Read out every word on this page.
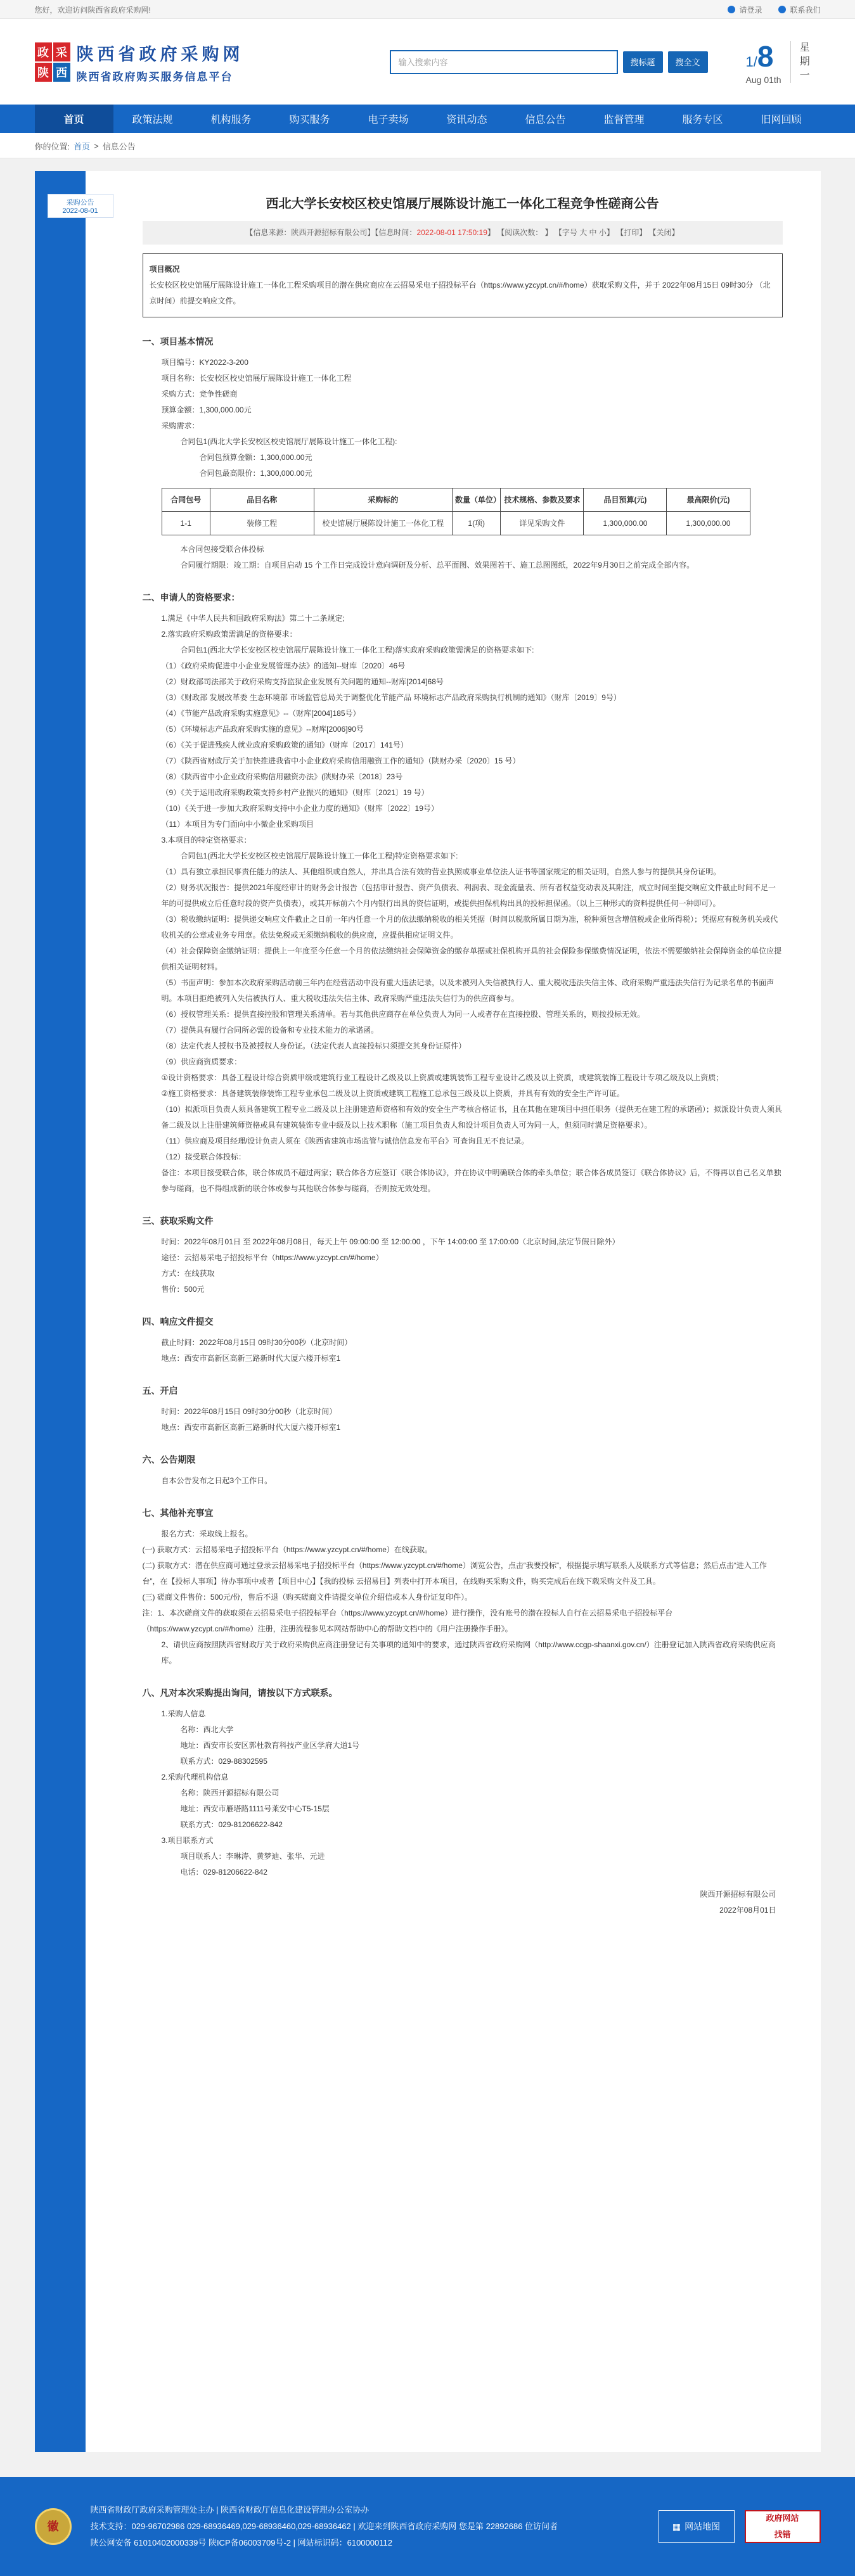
您好，欢迎访问陕西省政府采购网!	请登录	联系我们
政 采
陕 西
陕西省政府采购网
陕西省政府购买服务信息平台
输入搜索内容	搜标题	搜全文	1/8
Aug 01th
星期一
首页	政策法规	机构服务	购买服务	电子卖场	资讯动态	信息公告	监督管理	服务专区	旧网回顾
你的位置: 首页 > 信息公告
采购公告
2022-08-01	西北大学长安校区校史馆展厅展陈设计施工一体化工程竞争性磋商公告
【信息来源：陕西开源招标有限公司】【信息时间：2022-08-01 17:50:19】 【阅读次数： 】 【字号 大 中 小】 【打印】 【关闭】
项目概况
长安校区校史馆展厅展陈设计施工一体化工程采购项目的潜在供应商应在云招易采电子招投标平台（https://www.yzcypt.cn/#/home）获取采购文件，并于 2022年08月15日 09时30分 （北京时间）前提交响应文件。
一、项目基本情况
项目编号：KY2022-3-200
项目名称：长安校区校史馆展厅展陈设计施工一体化工程
采购方式：竞争性磋商
预算金额：1,300,000.00元
采购需求：
合同包1(西北大学长安校区校史馆展厅展陈设计施工一体化工程):
合同包预算金额：1,300,000.00元
合同包最高限价：1,300,000.00元
合同包号	品目名称	采购标的	数量（单位）	技术规格、参数及要求	品目预算(元)	最高限价(元)
1-1	装修工程	校史馆展厅展陈设计施工一体化工程	1(项)	详见采购文件	1,300,000.00	1,300,000.00
本合同包接受联合体投标
合同履行期限：竣工期：自项目启动 15 个工作日完成设计意向调研及分析、总平面图、效果图若干、施工总图图纸，2022年9月30日之前完成全部内容。
二、申请人的资格要求：
1.满足《中华人民共和国政府采购法》第二十二条规定;
2.落实政府采购政策需满足的资格要求：
合同包1(西北大学长安校区校史馆展厅展陈设计施工一体化工程)落实政府采购政策需满足的资格要求如下:
（1）《政府采购促进中小企业发展管理办法》的通知--财库〔2020〕46号
（2）财政部司法部关于政府采购支持监狱企业发展有关问题的通知--财库[2014]68号
（3）《财政部 发展改革委 生态环境部 市场监管总局关于调整优化节能产品 环境标志产品政府采购执行机制的通知》（财库〔2019〕9号）
（4）《节能产品政府采购实施意见》--（财库[2004]185号）
（5）《环境标志产品政府采购实施的意见》--财库[2006]90号
（6）《关于促进残疾人就业政府采购政策的通知》（财库〔2017〕141号）
（7）《陕西省财政厅关于加快推进我省中小企业政府采购信用融资工作的通知》（陕财办采〔2020〕15 号）
（8）《陕西省中小企业政府采购信用融资办法》(陕财办采〔2018〕23号
（9）《关于运用政府采购政策支持乡村产业振兴的通知》（财库〔2021〕19 号）
（10）《关于进一步加大政府采购支持中小企业力度的通知》（财库〔2022〕19号）
（11）本项目为专门面向中小微企业采购项目
3.本项目的特定资格要求：
合同包1(西北大学长安校区校史馆展厅展陈设计施工一体化工程)特定资格要求如下:
（1）具有独立承担民事责任能力的法人、其他组织或自然人，并出具合法有效的营业执照或事业单位法人证书等国家规定的相关证明，自然人参与的提供其身份证明。
（2）财务状况报告：提供2021年度经审计的财务会计报告（包括审计报告、资产负债表、利润表、现金流量表、所有者权益变动表及其附注，成立时间至提交响应文件截止时间不足一年的可提供成立后任意时段的资产负债表），或其开标前六个月内银行出具的资信证明，或提供担保机构出具的投标担保函。（以上三种形式的资料提供任何一种即可）。
（3）税收缴纳证明：提供递交响应文件截止之日前一年内任意一个月的依法缴纳税收的相关凭据（时间以税款所属日期为准，税种须包含增值税或企业所得税）；凭据应有税务机关或代收机关的公章或业务专用章。依法免税或无须缴纳税收的供应商，应提供相应证明文件。
（4）社会保障资金缴纳证明：提供上一年度至今任意一个月的依法缴纳社会保障资金的缴存单据或社保机构开具的社会保险参保缴费情况证明，依法不需要缴纳社会保障资金的单位应提供相关证明材料。
（5）书面声明：参加本次政府采购活动前三年内在经营活动中没有重大违法记录，以及未被列入失信被执行人、重大税收违法失信主体、政府采购严重违法失信行为记录名单的书面声明。本项目拒绝被列入失信被执行人、重大税收违法失信主体、政府采购严重违法失信行为的供应商参与。
（6）授权管理关系：提供直接控股和管理关系清单。若与其他供应商存在单位负责人为同一人或者存在直接控股、管理关系的，则按投标无效。
（7）提供具有履行合同所必需的设备和专业技术能力的承诺函。
（8）法定代表人授权书及被授权人身份证。（法定代表人直接投标只须提交其身份证原件）
（9）供应商资质要求：
①设计资格要求：具备工程设计综合资质甲级或建筑行业工程设计乙级及以上资质或建筑装饰工程专业设计乙级及以上资质，或建筑装饰工程设计专项乙级及以上资质；
②施工资格要求：具备建筑装修装饰工程专业承包二级及以上资质或建筑工程施工总承包三级及以上资质，并具有有效的安全生产许可证。
（10）拟派项目负责人须具备建筑工程专业二级及以上注册建造师资格和有效的安全生产考核合格证书，且在其他在建项目中担任职务（提供无在建工程的承诺函）；拟派设计负责人须具备二级及以上注册建筑师资格或具有建筑装饰专业中级及以上技术职称（施工项目负责人和设计项目负责人可为同一人，但须同时满足资格要求）。
（11）供应商及项目经理/设计负责人须在《陕西省建筑市场监管与诚信信息发布平台》可查询且无不良记录。
（12）接受联合体投标：
备注：本项目接受联合体，联合体成员不超过两家；联合体各方应签订《联合体协议》，并在协议中明确联合体的牵头单位；联合体各成员签订《联合体协议》后，不得再以自己名义单独参与磋商，也不得组成新的联合体或参与其他联合体参与磋商，否则按无效处理。
三、获取采购文件
时间：2022年08月01日 至 2022年08月08日，每天上午 09:00:00 至 12:00:00 ，下午 14:00:00 至 17:00:00（北京时间,法定节假日除外）
途径：云招易采电子招投标平台（https://www.yzcypt.cn/#/home）
方式：在线获取
售价：500元
四、响应文件提交
截止时间：2022年08月15日 09时30分00秒（北京时间）
地点：西安市高新区高新三路新时代大厦六楼开标室1
五、开启
时间：2022年08月15日 09时30分00秒（北京时间）
地点：西安市高新区高新三路新时代大厦六楼开标室1
六、公告期限
自本公告发布之日起3个工作日。
七、其他补充事宜
报名方式：采取线上报名。
(一) 获取方式：云招易采电子招投标平台（https://www.yzcypt.cn/#/home）在线获取。
(二) 获取方式：潜在供应商可通过登录云招易采电子招投标平台（https://www.yzcypt.cn/#/home）浏览公告，点击“我要投标”，根据提示填写联系人及联系方式等信息；然后点击“进入工作台”，在【投标人事项】待办事项中或者【项目中心】【我的投标 云招易目】列表中打开本项目，在线购买采购文件，购买完成后在线下载采购文件及工具。
(三) 磋商文件售价：500元/份，售后不退（购买磋商文件请提交单位介绍信或本人身份证复印件）。
注：1、本次磋商文件的获取须在云招易采电子招投标平台（https://www.yzcypt.cn/#/home）进行操作，没有账号的潜在投标人自行在云招易采电子招投标平台（https://www.yzcypt.cn/#/home）注册，注册流程参见本网站帮助中心的帮助文档中的《用户注册操作手册》。
2、请供应商按照陕西省财政厅关于政府采购供应商注册登记有关事项的通知中的要求，通过陕西省政府采购网（http://www.ccgp-shaanxi.gov.cn/）注册登记加入陕西省政府采购供应商库。
八、凡对本次采购提出询问，请按以下方式联系。
1.采购人信息
名称：西北大学
地址：西安市长安区郭杜教育科技产业区学府大道1号
联系方式：029-88302595
2.采购代理机构信息
名称：陕西开源招标有限公司
地址：西安市雁塔路1111号莱安中心T5-15层
联系方式：029-81206622-842
3.项目联系方式
项目联系人：李琳涛、黄梦迪、张华、元进
电话：029-81206622-842
陕西开源招标有限公司
2022年08月01日
徽
陕西省财政厅政府采购管理处主办 | 陕西省财政厅信息化建设管理办公室协办
技术支持：029-96702986 029-68936469,029-68936460,029-68936462 | 欢迎来到陕西省政府采购网 您是第 22892686 位访问者
陕公网安备 61010402000339号 陕ICP备06003709号-2 | 网站标识码：6100000112
▦ 网站地图
政府网站
找错
